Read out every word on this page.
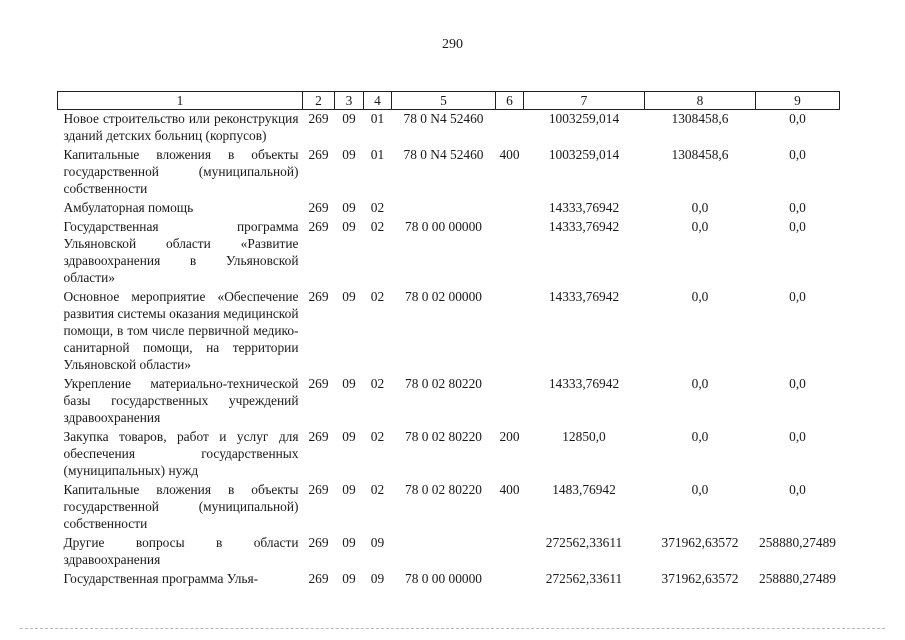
290
1	2	3	4	5	6	7	8	9
Новое строительство или реконструкция зданий детских больниц (корпусов)	269	09	01	78 0 N4 52460		1003259,014	1308458,6	0,0
Капитальные вложения в объекты государственной (муниципальной) собственности	269	09	01	78 0 N4 52460	400	1003259,014	1308458,6	0,0
Амбулаторная помощь	269	09	02			14333,76942	0,0	0,0
Государственная программа Ульяновской области «Развитие здравоохранения в Ульяновской области»	269	09	02	78 0 00 00000		14333,76942	0,0	0,0
Основное мероприятие «Обеспечение развития системы оказания медицинской помощи, в том числе первичной медико-санитарной помощи, на территории Ульяновской области»	269	09	02	78 0 02 00000		14333,76942	0,0	0,0
Укрепление материально-технической базы государственных учреждений здравоохранения	269	09	02	78 0 02 80220		14333,76942	0,0	0,0
Закупка товаров, работ и услуг для обеспечения государственных (муниципальных) нужд	269	09	02	78 0 02 80220	200	12850,0	0,0	0,0
Капитальные вложения в объекты государственной (муниципальной) собственности	269	09	02	78 0 02 80220	400	1483,76942	0,0	0,0
Другие вопросы в области здравоохранения	269	09	09			272562,33611	371962,63572	258880,27489
Государственная программа Улья-	269	09	09	78 0 00 00000		272562,33611	371962,63572	258880,27489
